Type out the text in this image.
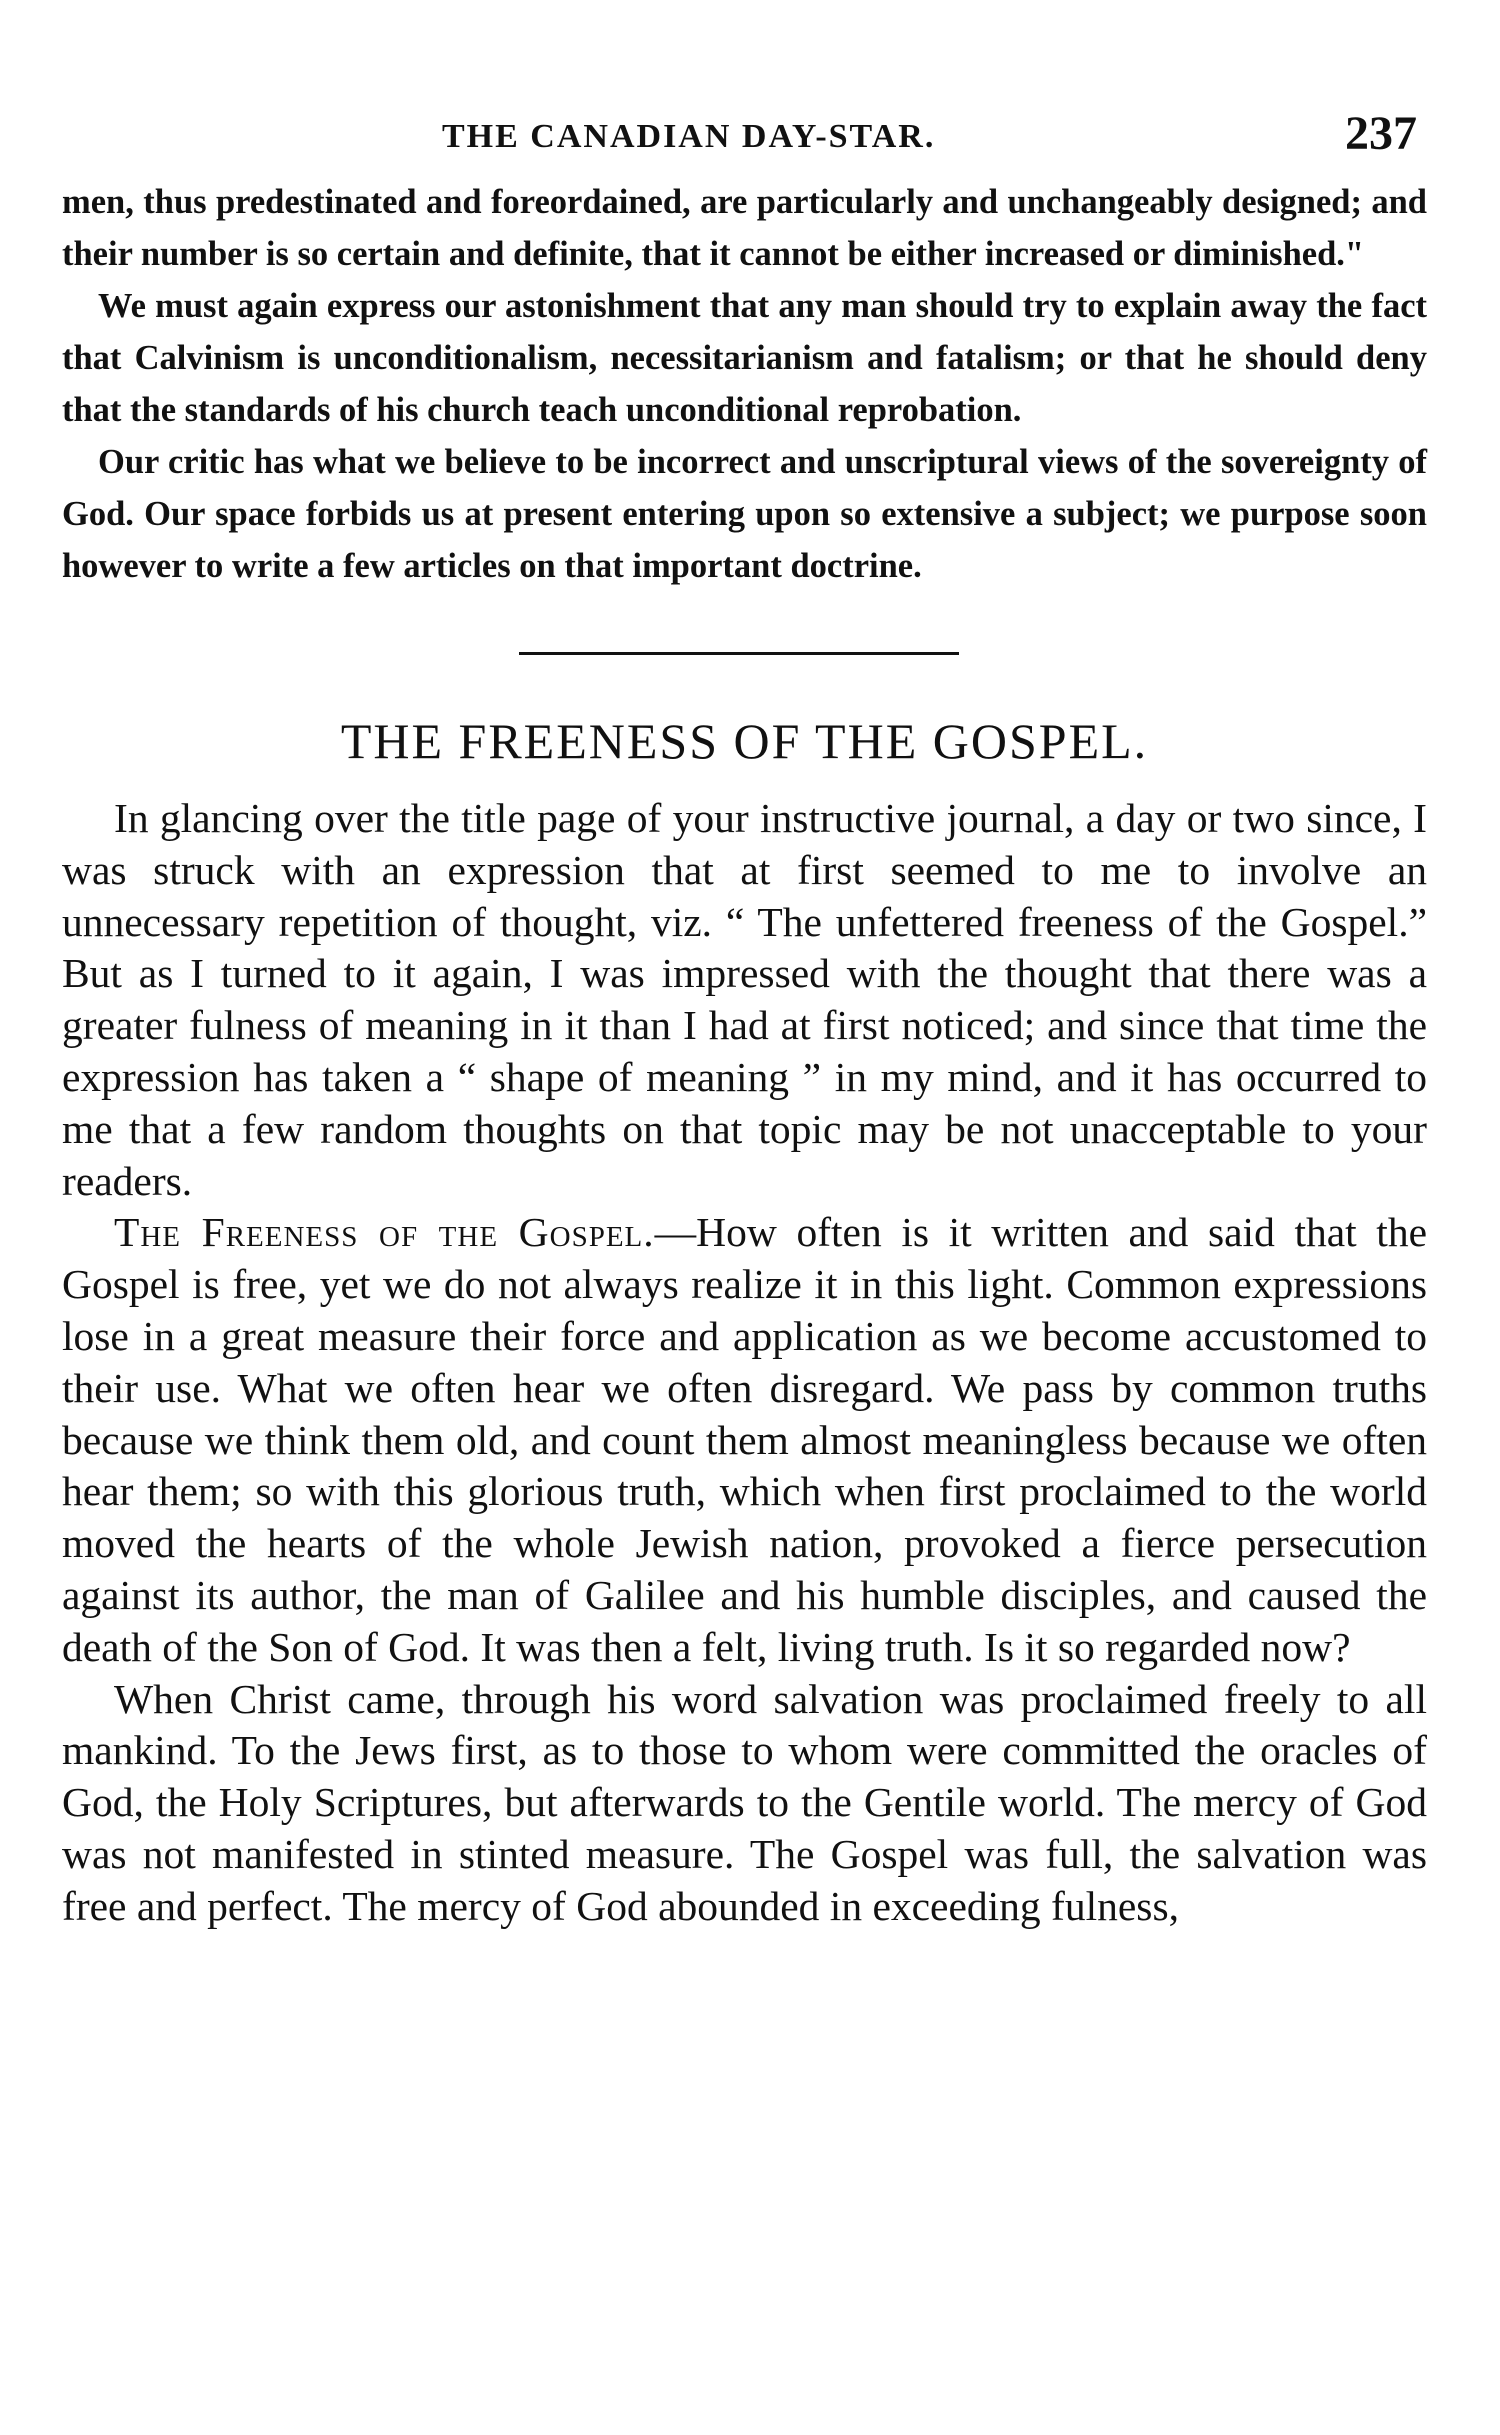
THE CANADIAN DAY-STAR.	237

men, thus predestinated and foreordained, are particularly and unchangeably designed; and their number is so certain and definite, that it cannot be either increased or diminished."

We must again express our astonishment that any man should try to explain away the fact that Calvinism is unconditionalism, necessitarianism and fatalism; or that he should deny that the standards of his church teach unconditional reprobation.

Our critic has what we believe to be incorrect and unscriptural views of the sovereignty of God. Our space forbids us at present entering upon so extensive a subject; we purpose soon however to write a few articles on that important doctrine.

THE FREENESS OF THE GOSPEL.

In glancing over the title page of your instructive journal, a day or two since, I was struck with an expression that at first seemed to me to involve an unnecessary repetition of thought, viz. “ The unfettered freeness of the Gospel.” But as I turned to it again, I was impressed with the thought that there was a greater fulness of meaning in it than I had at first noticed; and since that time the expression has taken a “ shape of meaning ” in my mind, and it has occurred to me that a few random thoughts on that topic may be not unacceptable to your readers.

The Freeness of the Gospel.—How often is it written and said that the Gospel is free, yet we do not always realize it in this light. Common expressions lose in a great measure their force and application as we become accustomed to their use. What we often hear we often disregard. We pass by common truths because we think them old, and count them almost meaningless because we often hear them; so with this glorious truth, which when first proclaimed to the world moved the hearts of the whole Jewish nation, provoked a fierce persecution against its author, the man of Galilee and his humble disciples, and caused the death of the Son of God. It was then a felt, living truth. Is it so regarded now?

When Christ came, through his word salvation was proclaimed freely to all mankind. To the Jews first, as to those to whom were committed the oracles of God, the Holy Scriptures, but afterwards to the Gentile world. The mercy of God was not manifested in stinted measure. The Gospel was full, the salvation was free and perfect. The mercy of God abounded in exceeding fulness,
